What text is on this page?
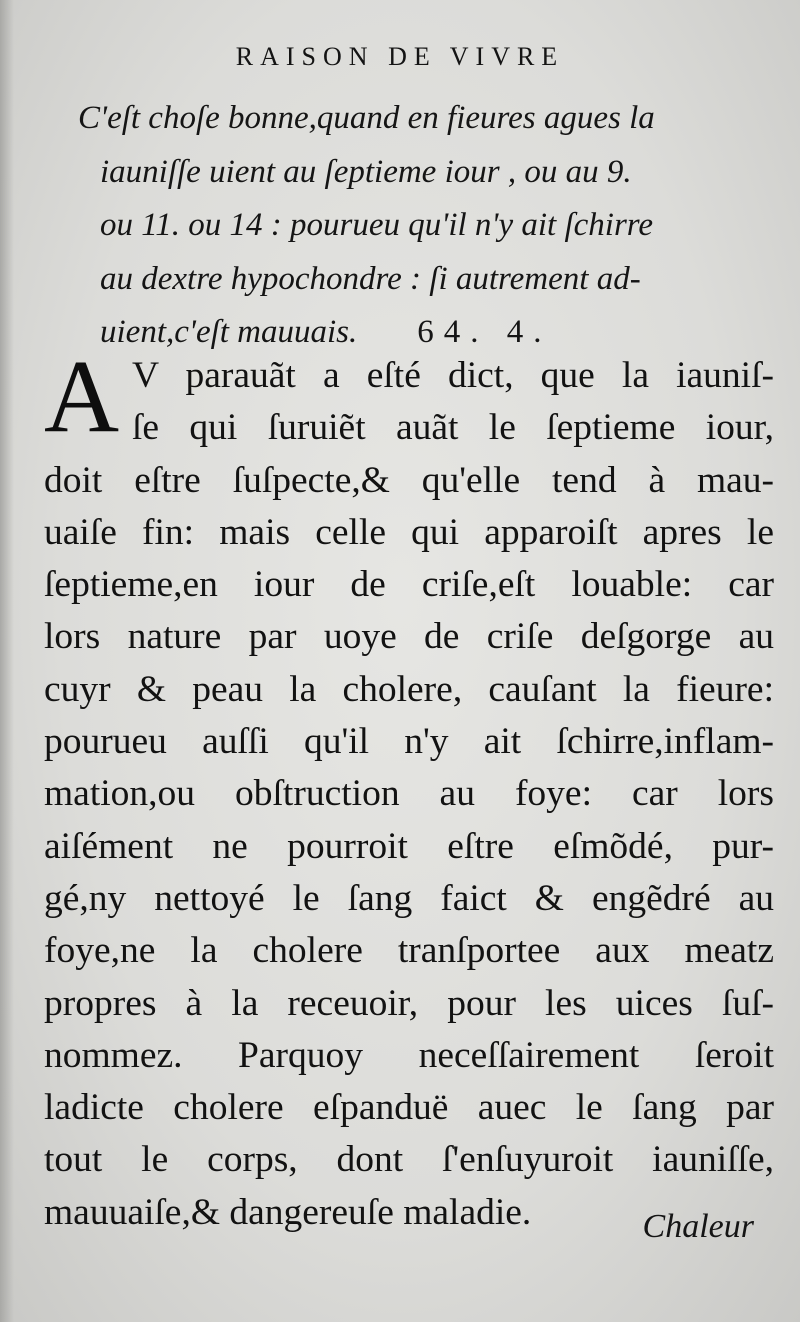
RAISON DE VIVRE
C'eſt choſe bonne,quand en fieures agues la
iauniſſe uient au ſeptieme iour , ou au 9.
ou 11. ou 14 : pourueu qu'il n'y ait ſchirre
au dextre hypochondre : ſi autrement ad-
uient,c'eſt mauuais. 64. 4.
A V parauãt a eſté dict, que la iauniſ-
ſe qui ſuruiẽt auãt le ſeptieme iour,
doit eſtre ſuſpecte,& qu'elle tend à mau-
uaiſe fin: mais celle qui apparoiſt apres le
ſeptieme,en iour de criſe,eſt louable: car
lors nature par uoye de criſe deſgorge au
cuyr & peau la cholere, cauſant la fieure:
pourueu auſſi qu'il n'y ait ſchirre,inflam-
mation,ou obſtruction au foye: car lors
aiſément ne pourroit eſtre eſmõdé, pur-
gé,ny nettoyé le ſang faict & engẽdré au
foye,ne la cholere tranſportee aux meatz
propres à la receuoir, pour les uices ſuſ-
nommez. Parquoy neceſſairement ſeroit
ladicte cholere eſpanduë auec le ſang par
tout le corps, dont ſ'enſuyuroit iauniſſe,
mauuaiſe,& dangereuſe maladie.	Chaleur
